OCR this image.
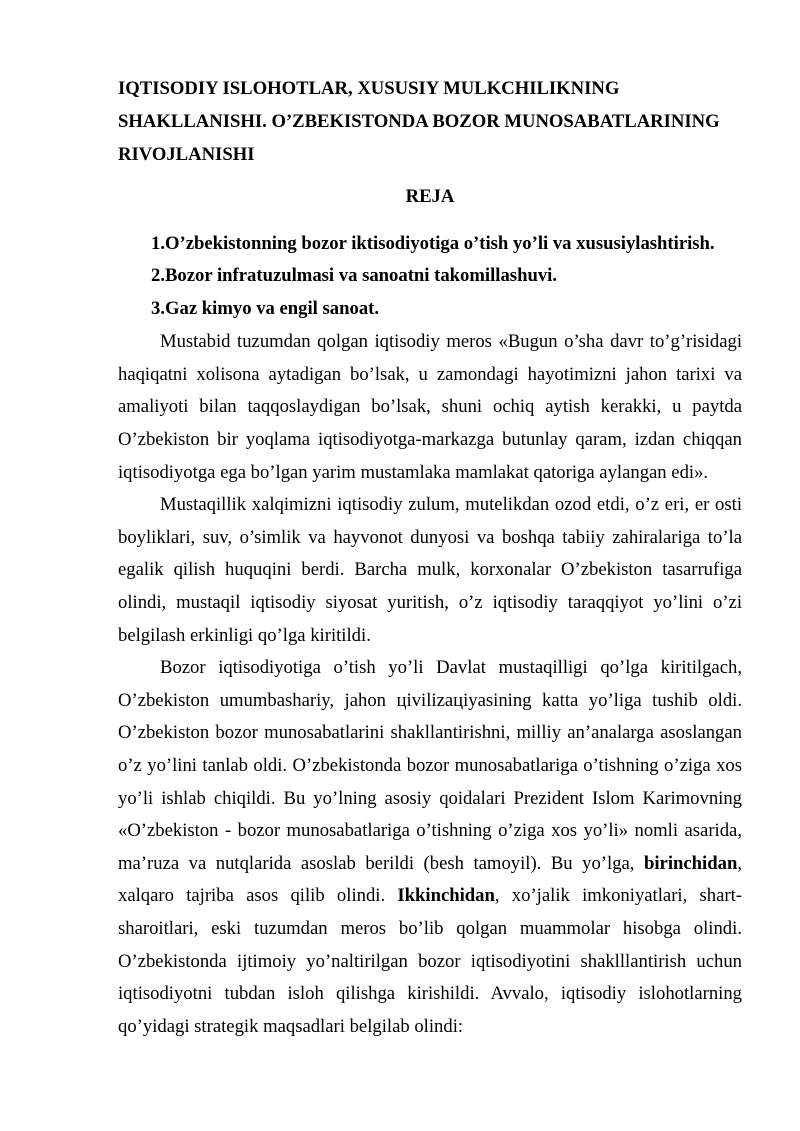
IQTISODIY ISLOHOTLAR, XUSUSIY MULKCHILIKNING SHAKLLANISHI. O’ZBEKISTONDA BOZOR MUNOSABATLARINING RIVOJLANISHI
REJA
1.O’zbekistonning bozor iktisodiyotiga o’tish yo’li va xususiylashtirish.
2.Bozor infratuzulmasi va sanoatni takomillashuvi.
3.Gaz kimyo va engil sanoat.
Mustabid tuzumdan qolgan iqtisodiy meros «Bugun o’sha davr to’g’risidagi
haqiqatni xolisona aytadigan bo’lsak, u zamondagi hayotimizni jahon tarixi va
amaliyoti bilan taqqoslaydigan bo’lsak, shuni ochiq aytish kerakki, u paytda
O’zbekiston bir yoqlama iqtisodiyotga-markazga butunlay qaram, izdan chiqqan
iqtisodiyotga ega bo’lgan yarim mustamlaka mamlakat qatoriga aylangan edi».
Mustaqillik xalqimizni iqtisodiy zulum, mutelikdan ozod etdi, o’z eri, er osti
boyliklari, suv, o’simlik va hayvonot dunyosi va boshqa tabiiy zahiralariga to’la
egalik qilish huquqini berdi. Barcha mulk, korxonalar O’zbekiston tasarrufiga
olindi, mustaqil iqtisodiy siyosat yuritish, o’z iqtisodiy taraqqiyot yo’lini o’zi
belgilash erkinligi qo’lga kiritildi.
Bozor iqtisodiyotiga o’tish yo’li Davlat mustaqilligi qo’lga kiritilgach,
O’zbekiston umumbashariy, jahon цivilizaцiyasining katta yo’liga tushib oldi.
O’zbekiston bozor munosabatlarini shakllantirishni, milliy an’analarga asoslangan
o’z yo’lini tanlab oldi. O’zbekistonda bozor munosabatlariga o’tishning o’ziga xos
yo’li ishlab chiqildi. Bu yo’lning asosiy qoidalari Prezident Islom Karimovning
«O’zbekiston - bozor munosabatlariga o’tishning o’ziga xos yo’li» nomli asarida,
ma’ruza va nutqlarida asoslab berildi (besh tamoyil). Bu yo’lga, birinchidan,
xalqaro tajriba asos qilib olindi. Ikkinchidan, xo’jalik imkoniyatlari, shart-
sharoitlari, eski tuzumdan meros bo’lib qolgan muammolar hisobga olindi.
O’zbekistonda ijtimoiy yo’naltirilgan bozor iqtisodiyotini shaklllantirish uchun
iqtisodiyotni tubdan isloh qilishga kirishildi. Avvalo, iqtisodiy islohotlarning
qo’yidagi strategik maqsadlari belgilab olindi:
